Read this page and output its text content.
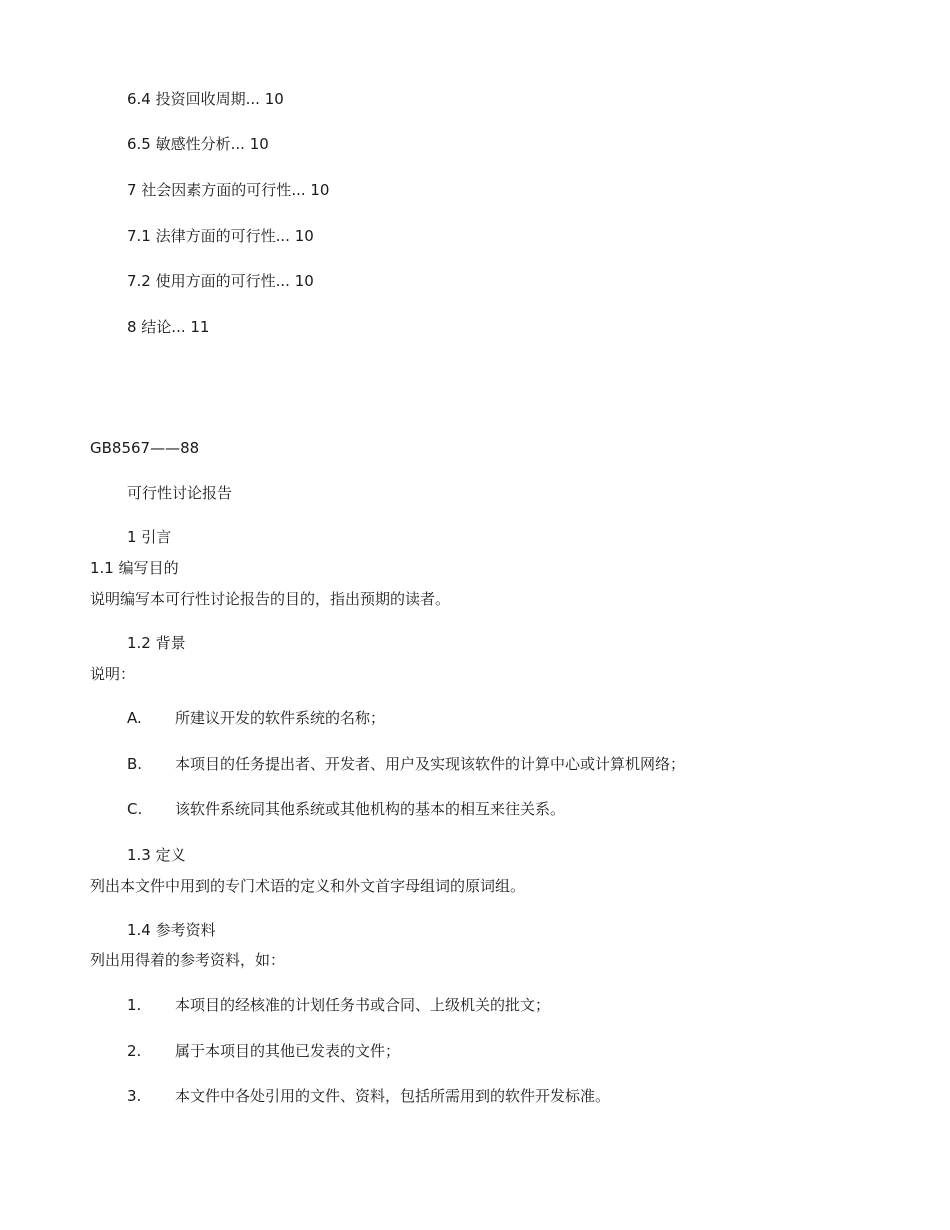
6.4 投资回收周期... 10
6.5 敏感性分析... 10
7 社会因素方面的可行性... 10
7.1 法律方面的可行性... 10
7.2 使用方面的可行性... 10
8 结论... 11
GB8567——88
可行性讨论报告
1 引言
1.1 编写目的
说明编写本可行性讨论报告的目的，指出预期的读者。
1.2 背景
说明：
A. 所建议开发的软件系统的名称；
B. 本项目的任务提出者、开发者、用户及实现该软件的计算中心或计算机网络；
C. 该软件系统同其他系统或其他机构的基本的相互来往关系。
1.3 定义
列出本文件中用到的专门术语的定义和外文首字母组词的原词组。
1.4 参考资料
列出用得着的参考资料，如：
1. 本项目的经核准的计划任务书或合同、上级机关的批文；
2. 属于本项目的其他已发表的文件；
3. 本文件中各处引用的文件、资料，包括所需用到的软件开发标准。
